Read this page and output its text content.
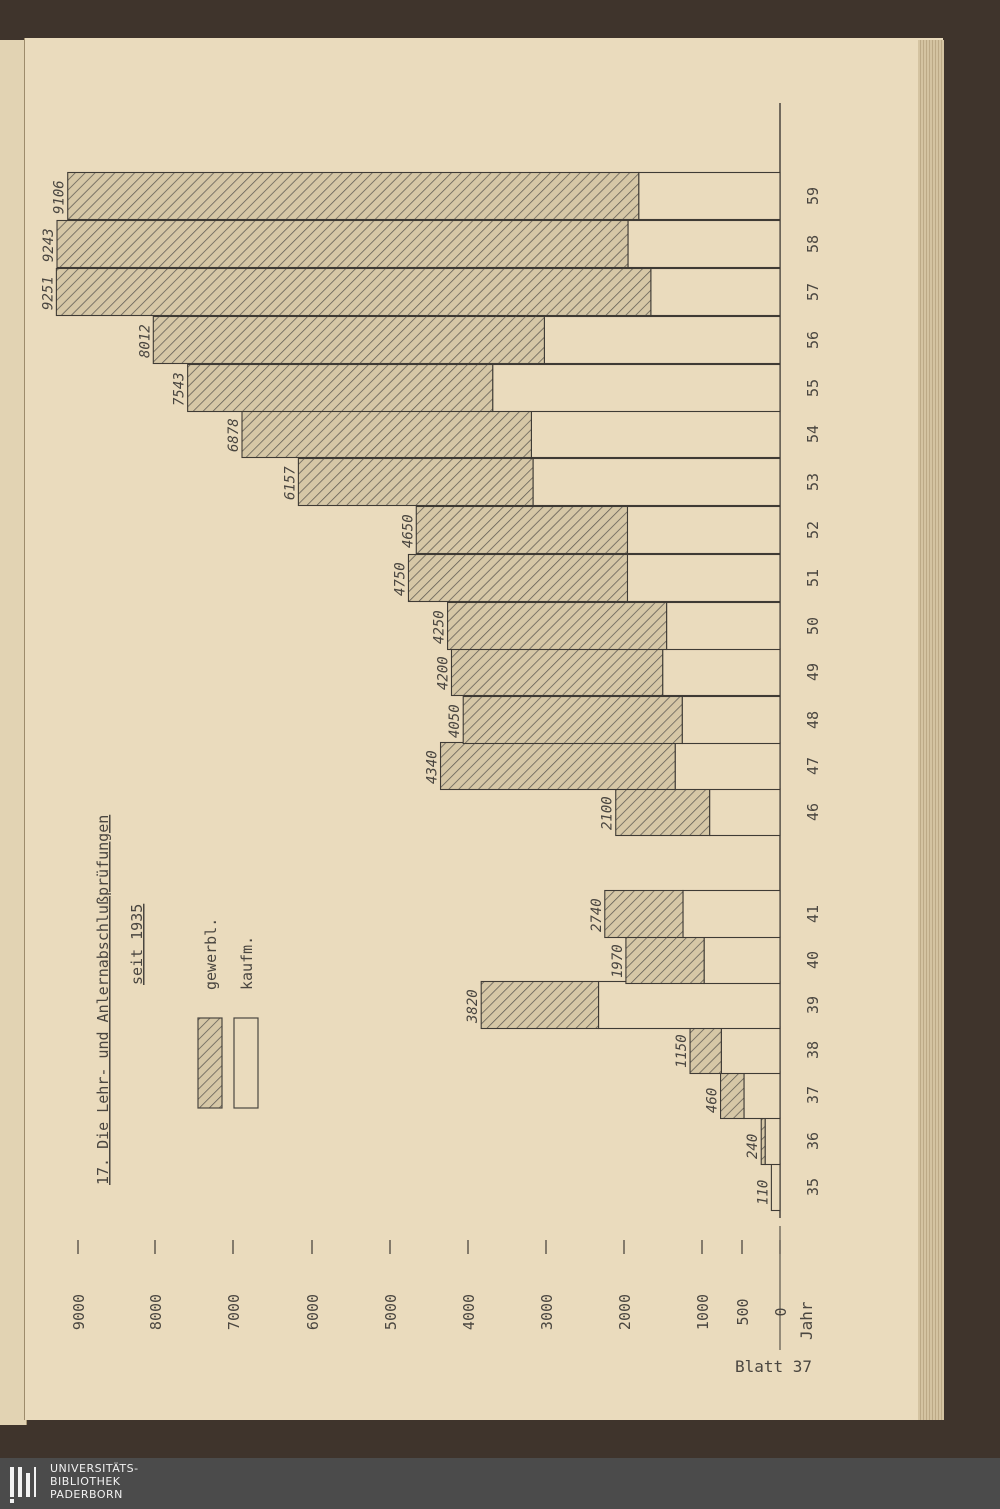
0
500
1000
2000
3000
4000
5000
6000
7000
8000
9000
110 35
240	36
460	37
1150	38
3820	39
1970	40
2740	41
2100	46
4340	47
4050	48
4200	49
4250	50
4750	51
4650	52
6157	53
6878	54
7543	55
8012	56
9251	57
9243	58
9106	59
17. Die Lehr- und Anlernabschlußprüfungen seit 1935	gewerbl. kaufm.
Jahr
Blatt 37
UNIVERSITÄTS-
BIBLIOTHEK
PADERBORN
